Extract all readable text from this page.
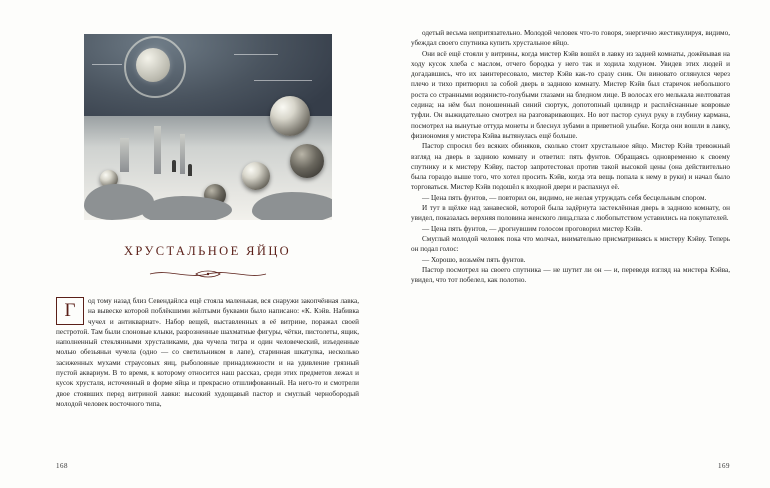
ХРУСТАЛЬНОЕ ЯЙЦО

Г	од тому назад близ Севендайлса ещё стояла маленькая, вся снаружи закопчённая лавка, на вывеске которой поблёкшими жёлтыми буквами было написано: «К. Кэйв. Набивка чучел и антиквариат». Набор вещей, выставленных в её витрине, поражал своей пестротой. Там были слоновые клыки, разрозненные шахматные фигуры, чётки, пистолеты, ящик, наполненный стеклянными хрусталиками, два чучела тигра и один человеческий, изъеденные молью обезьяньи чучела (одно — со светильником в лапе), старинная шкатулка, несколько засиженных мухами страусовых яиц, рыболовные принадлежности и на удивление грязный пустой аквариум. В то время, к которому относится наш рассказ, среди этих предметов лежал и кусок хрусталя, источенный в форме яйца и прекрасно отшлифованный. На него-то и смотрели двое стоявших перед витриной лавки: высокий худощавый пастор и смуглый чернобородый молодой человек восточного типа,

168

одетый весьма непритязательно. Молодой человек что-то говоря, энергично жестикулируя, видимо, убеждал своего спутника купить хрустальное яйцо.

Они всё ещё стояли у витрины, когда мистер Кэйв вошёл в лавку из задней комнаты, дожёвывая на ходу кусок хлеба с маслом, отчего бородка у него так и ходила ходуном. Увидев этих людей и догадавшись, что их заинтересовало, мистер Кэйв как-то сразу сник. Он виновато оглянулся через плечо и тихо притворил за собой дверь в заднюю комнату. Мистер Кэйв был старичок небольшого роста со странными водянисто-голубыми глазами на бледном лице. В волосах его мелькала желтоватая седина; на нём был поношенный синий сюртук, допотопный цилиндр и расплёснанные ковровые туфли. Он выжидательно смотрел на разговаривающих. Но вот пастор сунул руку в глубину кармана, посмотрел на вынутые оттуда монеты и блеснул зубами в приветной улыбке. Когда они вошли в лавку, физиономия у мистера Кэйва вытянулась ещё больше.

Пастор спросил без всяких обиняков, сколько стоит хрустальное яйцо. Мистер Кэйв тревожный взгляд на дверь в заднюю комнату и ответил: пять фунтов. Обращаясь одновременно к своему спутнику и к мистеру Кэйву, пастор запротестовал против такой высокой цены (она действительно была гораздо выше того, что хотел просить Кэйв, когда эта вещь попала к нему в руки) и начал было торговаться. Мистер Кэйв подошёл к входной двери и распахнул её.

— Цена пять фунтов, — повторил он, видимо, не желая утруждать себя бесцельным спором.

И тут в щёлке над занавеской, которой была задёрнута застеклённая дверь в заднюю комнату, он увидел, показалась верхняя половина женского лица,глаза с любопытством уставились на покупателей.

— Цена пять фунтов, — дрогнувшим голосом проговорил мистер Кэйв.

Смуглый молодой человек пока что молчал, внимательно присматриваясь к мистеру Кэйву. Теперь он подал голос:

— Хорошо, возьмём пять фунтов.

Пастор посмотрел на своего спутника — не шутит ли он — и, переведя взгляд на мистера Кэйва, увидел, что тот побелел, как полотно.

169
